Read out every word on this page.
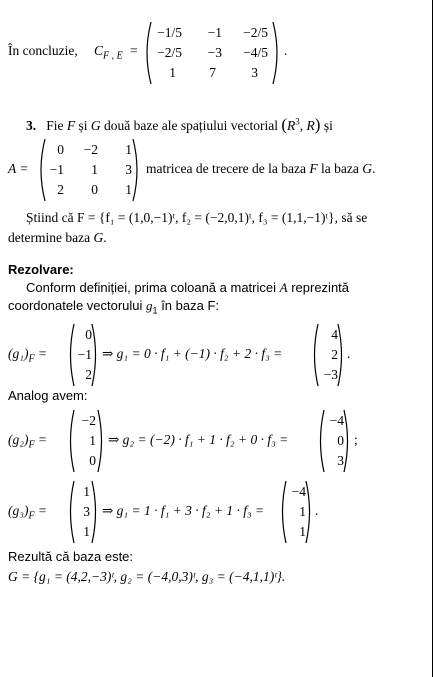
În concluzie, $C_{F , E}$ =
−1/5	−1	−2/5
−2/5	−3	−4/5
1	7	3
.
3. Fie F și G două baze ale spațiului vectorial ($R^3$, R) și
A =
0	−2	1
−1	1	3
2	0	1
matricea de trecere de la baza F la baza G.
Știind că F = {f₁ = (1,0,−1)ᵗ, f₂ = (−2,0,1)ᵗ, f₃ = (1,1,−1)ᵗ}, să se
determine baza G.
Rezolvare:
Conform definiției, prima coloană a matricei A reprezintă
coordonatele vectorului $g_1$ în baza F:
$(g_1)_F$ =
0
−1
2
⇒ g₁ = 0 · f₁ + (−1) · f₂ + 2 · f₃ =
4
2
−3
.
Analog avem:
$(g_2)_F$ =
−2
1
0
⇒ g₂ = (−2) · f₁ + 1 · f₂ + 0 · f₃ =
−4
0
3
;
$(g_3)_F$ =
1
3
1
⇒ g₁ = 1 · f₁ + 3 · f₂ + 1 · f₃ =
−4
1
1
.
Rezultă că baza este:
G = {g₁ = (4,2,−3)ᵗ, g₂ = (−4,0,3)ᵗ, g₃ = (−4,1,1)ᵗ}.
